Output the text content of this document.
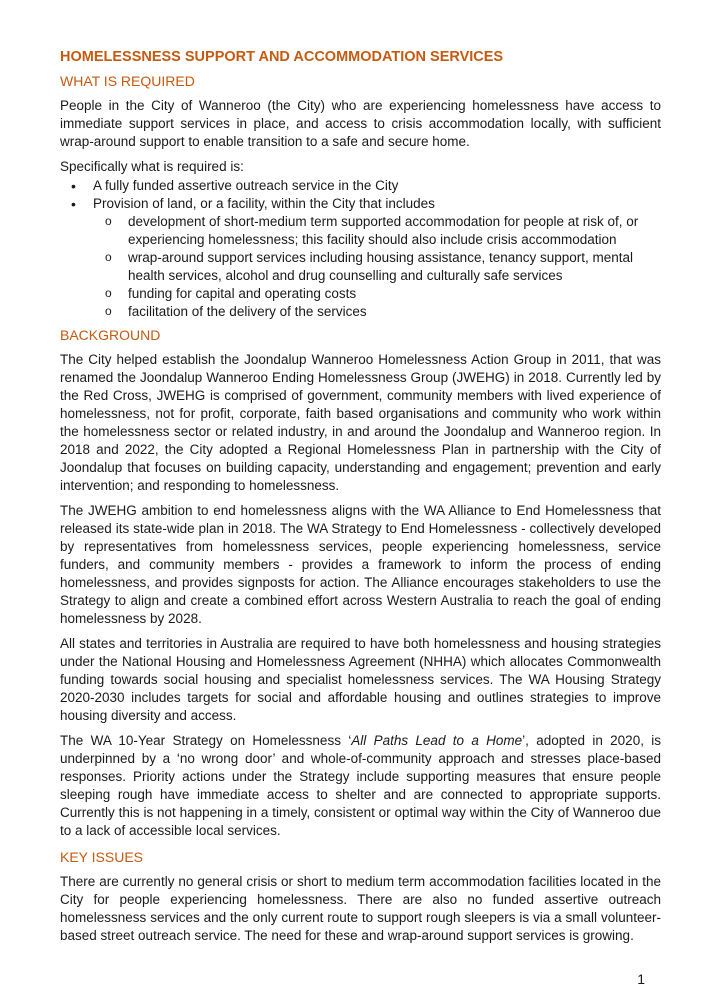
HOMELESSNESS SUPPORT AND ACCOMMODATION SERVICES
WHAT IS REQUIRED

People in the City of Wanneroo (the City) who are experiencing homelessness have access to immediate support services in place, and access to crisis accommodation locally, with sufficient wrap-around support to enable transition to a safe and secure home.

Specifically what is required is:

• A fully funded assertive outreach service in the City
• Provision of land, or a facility, within the City that includes
o development of short-medium term supported accommodation for people at risk of, or experiencing homelessness; this facility should also include crisis accommodation
o wrap-around support services including housing assistance, tenancy support, mental health services, alcohol and drug counselling and culturally safe services
o funding for capital and operating costs
o facilitation of the delivery of the services
BACKGROUND

The City helped establish the Joondalup Wanneroo Homelessness Action Group in 2011, that was renamed the Joondalup Wanneroo Ending Homelessness Group (JWEHG) in 2018. Currently led by the Red Cross, JWEHG is comprised of government, community members with lived experience of homelessness, not for profit, corporate, faith based organisations and community who work within the homelessness sector or related industry, in and around the Joondalup and Wanneroo region. In 2018 and 2022, the City adopted a Regional Homelessness Plan in partnership with the City of Joondalup that focuses on building capacity, understanding and engagement; prevention and early intervention; and responding to homelessness.

The JWEHG ambition to end homelessness aligns with the WA Alliance to End Homelessness that released its state-wide plan in 2018. The WA Strategy to End Homelessness - collectively developed by representatives from homelessness services, people experiencing homelessness, service funders, and community members - provides a framework to inform the process of ending homelessness, and provides signposts for action. The Alliance encourages stakeholders to use the Strategy to align and create a combined effort across Western Australia to reach the goal of ending homelessness by 2028.

All states and territories in Australia are required to have both homelessness and housing strategies under the National Housing and Homelessness Agreement (NHHA) which allocates Commonwealth funding towards social housing and specialist homelessness services. The WA Housing Strategy 2020-2030 includes targets for social and affordable housing and outlines strategies to improve housing diversity and access.

The WA 10-Year Strategy on Homelessness ‘All Paths Lead to a Home’, adopted in 2020, is underpinned by a ‘no wrong door’ and whole-of-community approach and stresses place-based responses. Priority actions under the Strategy include supporting measures that ensure people sleeping rough have immediate access to shelter and are connected to appropriate supports. Currently this is not happening in a timely, consistent or optimal way within the City of Wanneroo due to a lack of accessible local services.

KEY ISSUES

There are currently no general crisis or short to medium term accommodation facilities located in the City for people experiencing homelessness. There are also no funded assertive outreach homelessness services and the only current route to support rough sleepers is via a small volunteer-based street outreach service. The need for these and wrap-around support services is growing.

1
